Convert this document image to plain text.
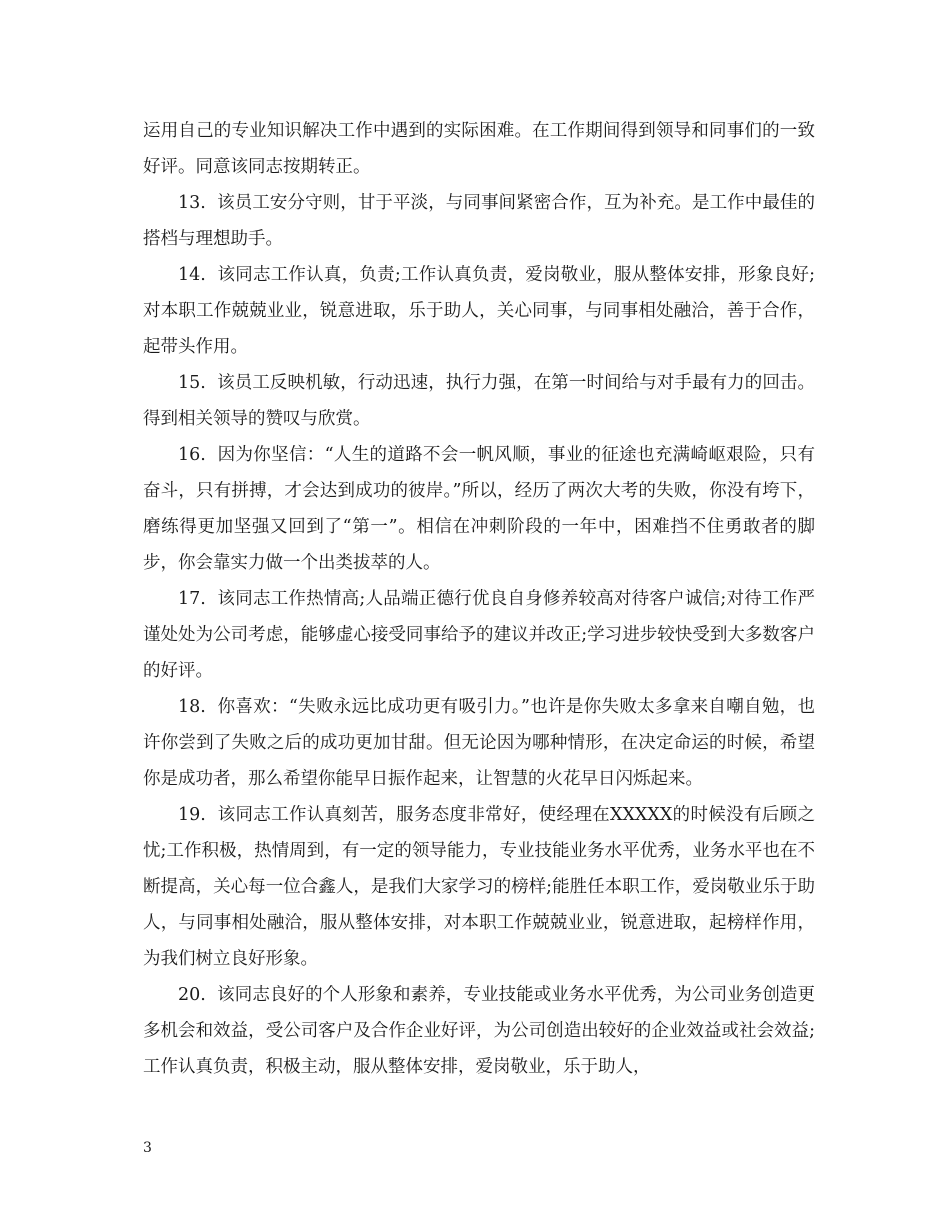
运用自己的专业知识解决工作中遇到的实际困难。在工作期间得到领导和同事们的一致好评。同意该同志按期转正。

13. 该员工安分守则，甘于平淡，与同事间紧密合作，互为补充。是工作中最佳的搭档与理想助手。

14. 该同志工作认真，负责;工作认真负责，爱岗敬业，服从整体安排，形象良好;对本职工作兢兢业业，锐意进取，乐于助人，关心同事，与同事相处融洽，善于合作，起带头作用。

15. 该员工反映机敏，行动迅速，执行力强，在第一时间给与对手最有力的回击。得到相关领导的赞叹与欣赏。

16. 因为你坚信：“人生的道路不会一帆风顺，事业的征途也充满崎岖艰险，只有奋斗，只有拼搏，才会达到成功的彼岸。”所以，经历了两次大考的失败，你没有垮下，磨练得更加坚强又回到了“第一”。相信在冲刺阶段的一年中，困难挡不住勇敢者的脚步，你会靠实力做一个出类拔萃的人。

17. 该同志工作热情高;人品端正德行优良自身修养较高对待客户诚信;对待工作严谨处处为公司考虑，能够虚心接受同事给予的建议并改正;学习进步较快受到大多数客户的好评。

18. 你喜欢：“失败永远比成功更有吸引力。”也许是你失败太多拿来自嘲自勉，也许你尝到了失败之后的成功更加甘甜。但无论因为哪种情形，在决定命运的时候，希望你是成功者，那么希望你能早日振作起来，让智慧的火花早日闪烁起来。

19. 该同志工作认真刻苦，服务态度非常好，使经理在XXXXX的时候没有后顾之忧;工作积极，热情周到，有一定的领导能力，专业技能业务水平优秀，业务水平也在不断提高，关心每一位合鑫人，是我们大家学习的榜样;能胜任本职工作，爱岗敬业乐于助人，与同事相处融洽，服从整体安排，对本职工作兢兢业业，锐意进取，起榜样作用，为我们树立良好形象。

20. 该同志良好的个人形象和素养，专业技能或业务水平优秀，为公司业务创造更多机会和效益，受公司客户及合作企业好评，为公司创造出较好的企业效益或社会效益;工作认真负责，积极主动，服从整体安排，爱岗敬业，乐于助人，

3
